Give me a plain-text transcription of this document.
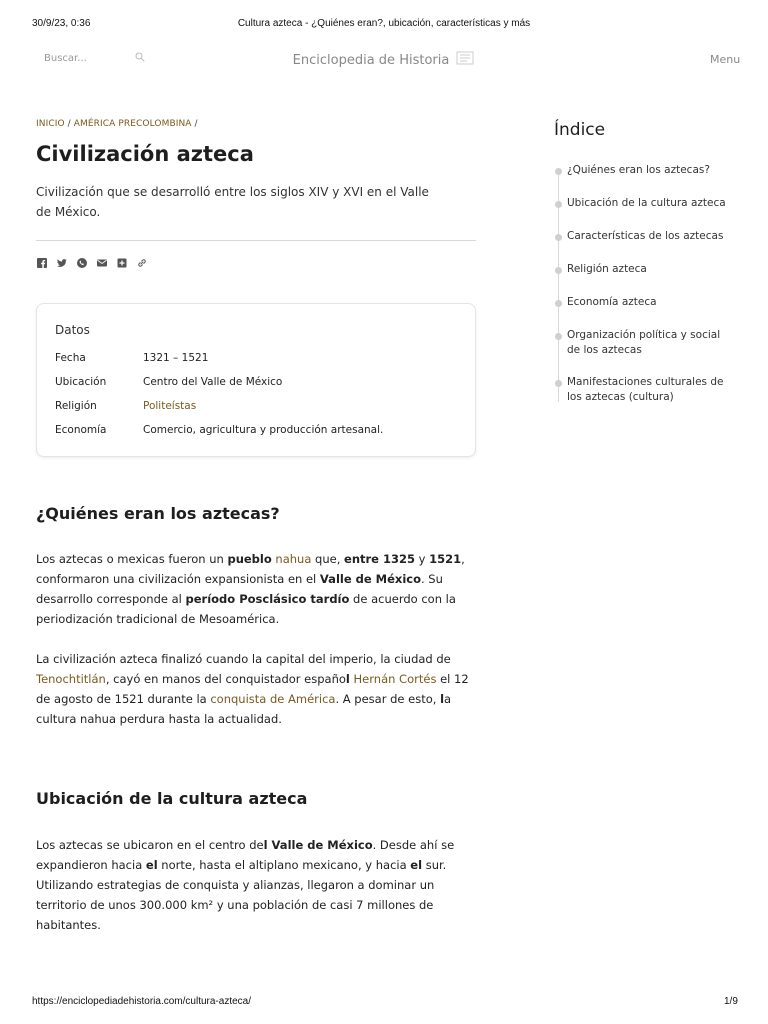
30/9/23, 0:36	Cultura azteca - ¿Quiénes eran?, ubicación, características y más
Buscar...	Enciclopedia de Historia	Menu
INICIO / AMÉRICA PRECOLOMBINA /
Civilización azteca

Civilización que se desarrolló entre los siglos XIV y XVI en el Valle de México.

Datos
Fecha	1321 – 1521
Ubicación	Centro del Valle de México
Religión	Politeístas
Economía	Comercio, agricultura y producción artesanal.
¿Quiénes eran los aztecas?

Los aztecas o mexicas fueron un pueblo nahua que, entre 1325 y 1521, conformaron una civilización expansionista en el Valle de México. Su desarrollo corresponde al período Posclásico tardío de acuerdo con la periodización tradicional de Mesoamérica.

La civilización azteca finalizó cuando la capital del imperio, la ciudad de Tenochtitlán, cayó en manos del conquistador español Hernán Cortés el 12 de agosto de 1521 durante la conquista de América. A pesar de esto, la cultura nahua perdura hasta la actualidad.

Ubicación de la cultura azteca

Los aztecas se ubicaron en el centro del Valle de México. Desde ahí se expandieron hacia el norte, hasta el altiplano mexicano, y hacia el sur. Utilizando estrategias de conquista y alianzas, llegaron a dominar un territorio de unos 300.000 km² y una población de casi 7 millones de habitantes.

Índice
¿Quiénes eran los aztecas?
Ubicación de la cultura azteca
Características de los aztecas
Religión azteca
Economía azteca
Organización política y social de los aztecas
Manifestaciones culturales de los aztecas (cultura)
https://enciclopediadehistoria.com/cultura-azteca/	1/9
